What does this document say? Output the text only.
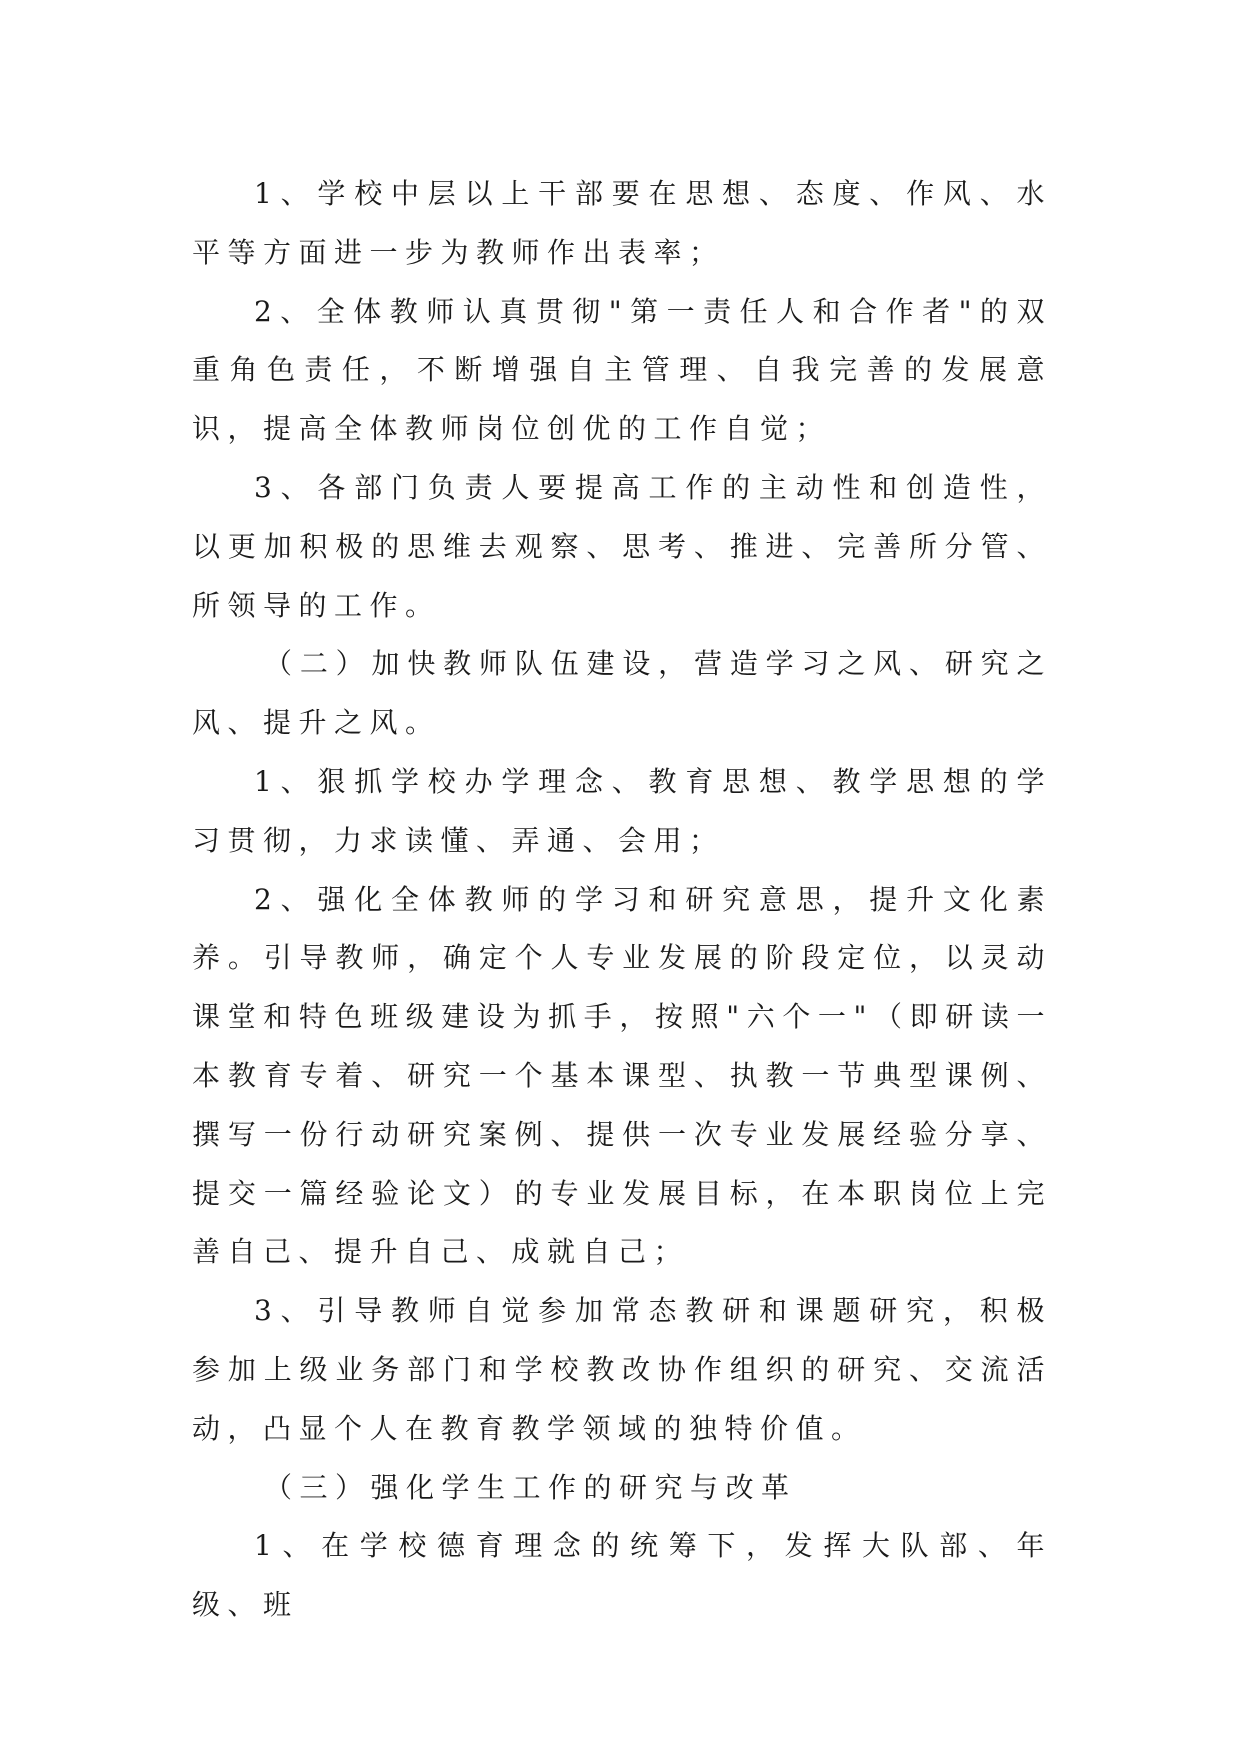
1、学校中层以上干部要在思想、态度、作风、水平等方面进一步为教师作出表率；

2、全体教师认真贯彻"第一责任人和合作者"的双重角色责任，不断增强自主管理、自我完善的发展意识，提高全体教师岗位创优的工作自觉；

3、各部门负责人要提高工作的主动性和创造性，以更加积极的思维去观察、思考、推进、完善所分管、所领导的工作。

（二）加快教师队伍建设，营造学习之风、研究之风、提升之风。

1、狠抓学校办学理念、教育思想、教学思想的学习贯彻，力求读懂、弄通、会用；

2、强化全体教师的学习和研究意思，提升文化素养。引导教师，确定个人专业发展的阶段定位，以灵动课堂和特色班级建设为抓手，按照"六个一"（即研读一本教育专着、研究一个基本课型、执教一节典型课例、撰写一份行动研究案例、提供一次专业发展经验分享、提交一篇经验论文）的专业发展目标，在本职岗位上完善自己、提升自己、成就自己；

3、引导教师自觉参加常态教研和课题研究，积极参加上级业务部门和学校教改协作组织的研究、交流活动，凸显个人在教育教学领域的独特价值。

（三）强化学生工作的研究与改革

1、在学校德育理念的统筹下，发挥大队部、年级、班
